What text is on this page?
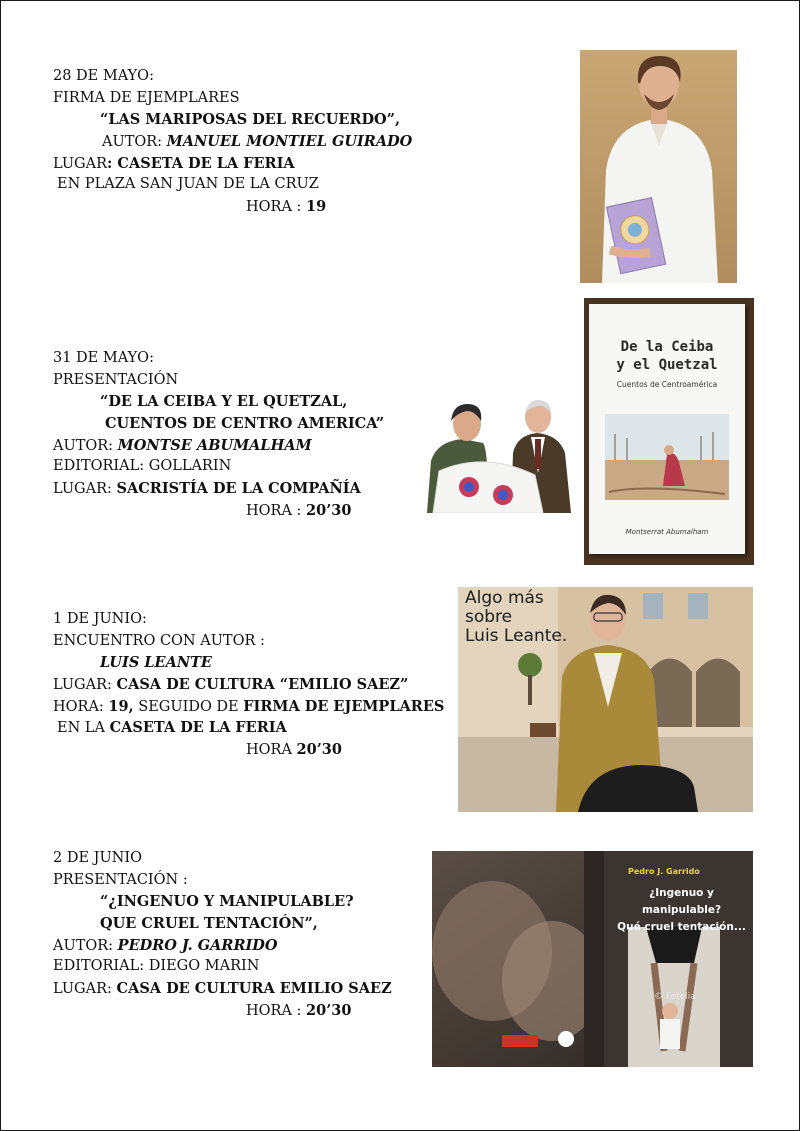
28 DE MAYO:
FIRMA DE EJEMPLARES
“LAS MARIPOSAS DEL RECUERDO”,
AUTOR: MANUEL MONTIEL GUIRADO
LUGAR: CASETA DE LA FERIA
EN PLAZA SAN JUAN DE LA CRUZ
HORA : 19
31 DE MAYO:
PRESENTACIÓN
“DE LA CEIBA Y EL QUETZAL,
CUENTOS DE CENTRO AMERICA”
AUTOR: MONTSE ABUMALHAM
EDITORIAL: GOLLARIN
LUGAR: SACRISTÍA DE LA COMPAÑÍA
HORA : 20’30
1 DE JUNIO:
ENCUENTRO CON AUTOR :
LUIS LEANTE
LUGAR: CASA DE CULTURA “EMILIO SAEZ”
HORA: 19, SEGUIDO DE FIRMA DE EJEMPLARES
EN LA CASETA DE LA FERIA
HORA 20’30
2 DE JUNIO
PRESENTACIÓN :
“¿INGENUO Y MANIPULABLE?
QUE CRUEL TENTACIÓN”,
AUTOR: PEDRO J. GARRIDO
EDITORIAL: DIEGO MARIN
LUGAR: CASA DE CULTURA EMILIO SAEZ
HORA : 20’30
De la Ceiba
y el Quetzal
Cuentos de Centroamérica
Montserrat Abumalham
Algo más
sobre
Luis Leante.
Pedro J. Garrido
¿Ingenuo y manipulable?
Qué cruel tentación...
© Fotolia
